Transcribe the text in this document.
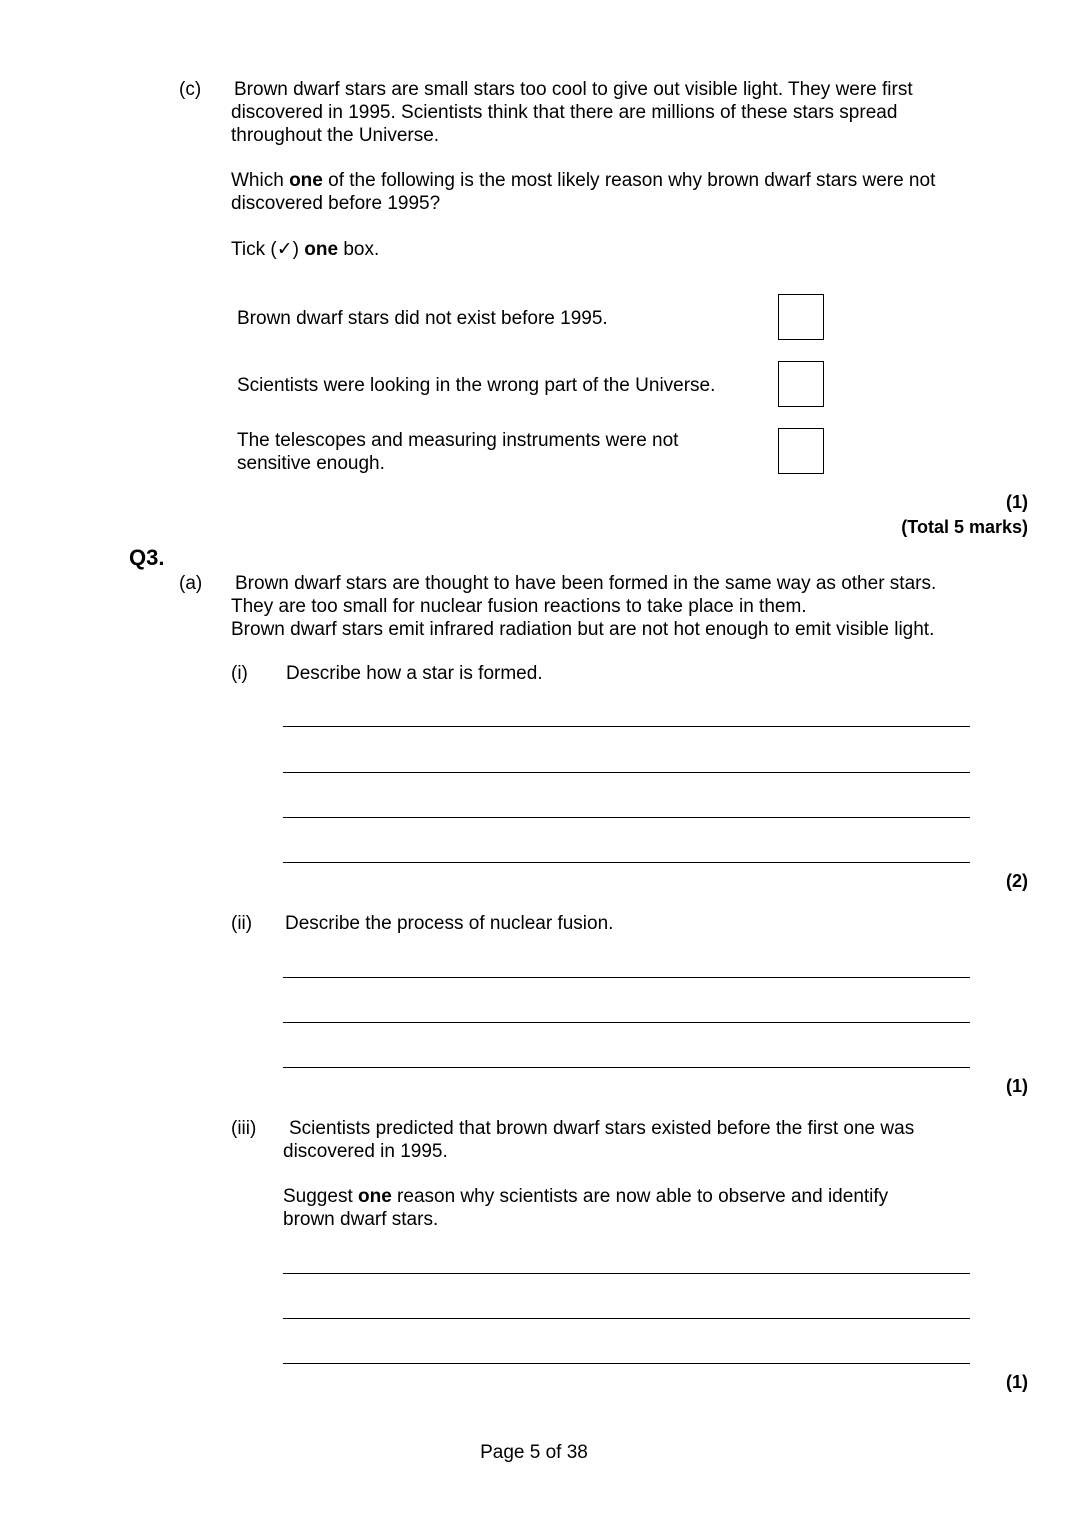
(c) Brown dwarf stars are small stars too cool to give out visible light. They were first
discovered in 1995. Scientists think that there are millions of these stars spread
throughout the Universe.
Which one of the following is the most likely reason why brown dwarf stars were not
discovered before 1995?
Tick (✓) one box.
Brown dwarf stars did not exist before 1995.
Scientists were looking in the wrong part of the Universe.
The telescopes and measuring instruments were not
sensitive enough.
(1)
(Total 5 marks)
Q3.
(a) Brown dwarf stars are thought to have been formed in the same way as other stars.
They are too small for nuclear fusion reactions to take place in them.
Brown dwarf stars emit infrared radiation but are not hot enough to emit visible light.
(i) Describe how a star is formed.
(2)
(ii) Describe the process of nuclear fusion.
(1)
(iii)	Scientists predicted that brown dwarf stars existed before the first one was
discovered in 1995.
Suggest one reason why scientists are now able to observe and identify
brown dwarf stars.
(1)
Page 5 of 38
